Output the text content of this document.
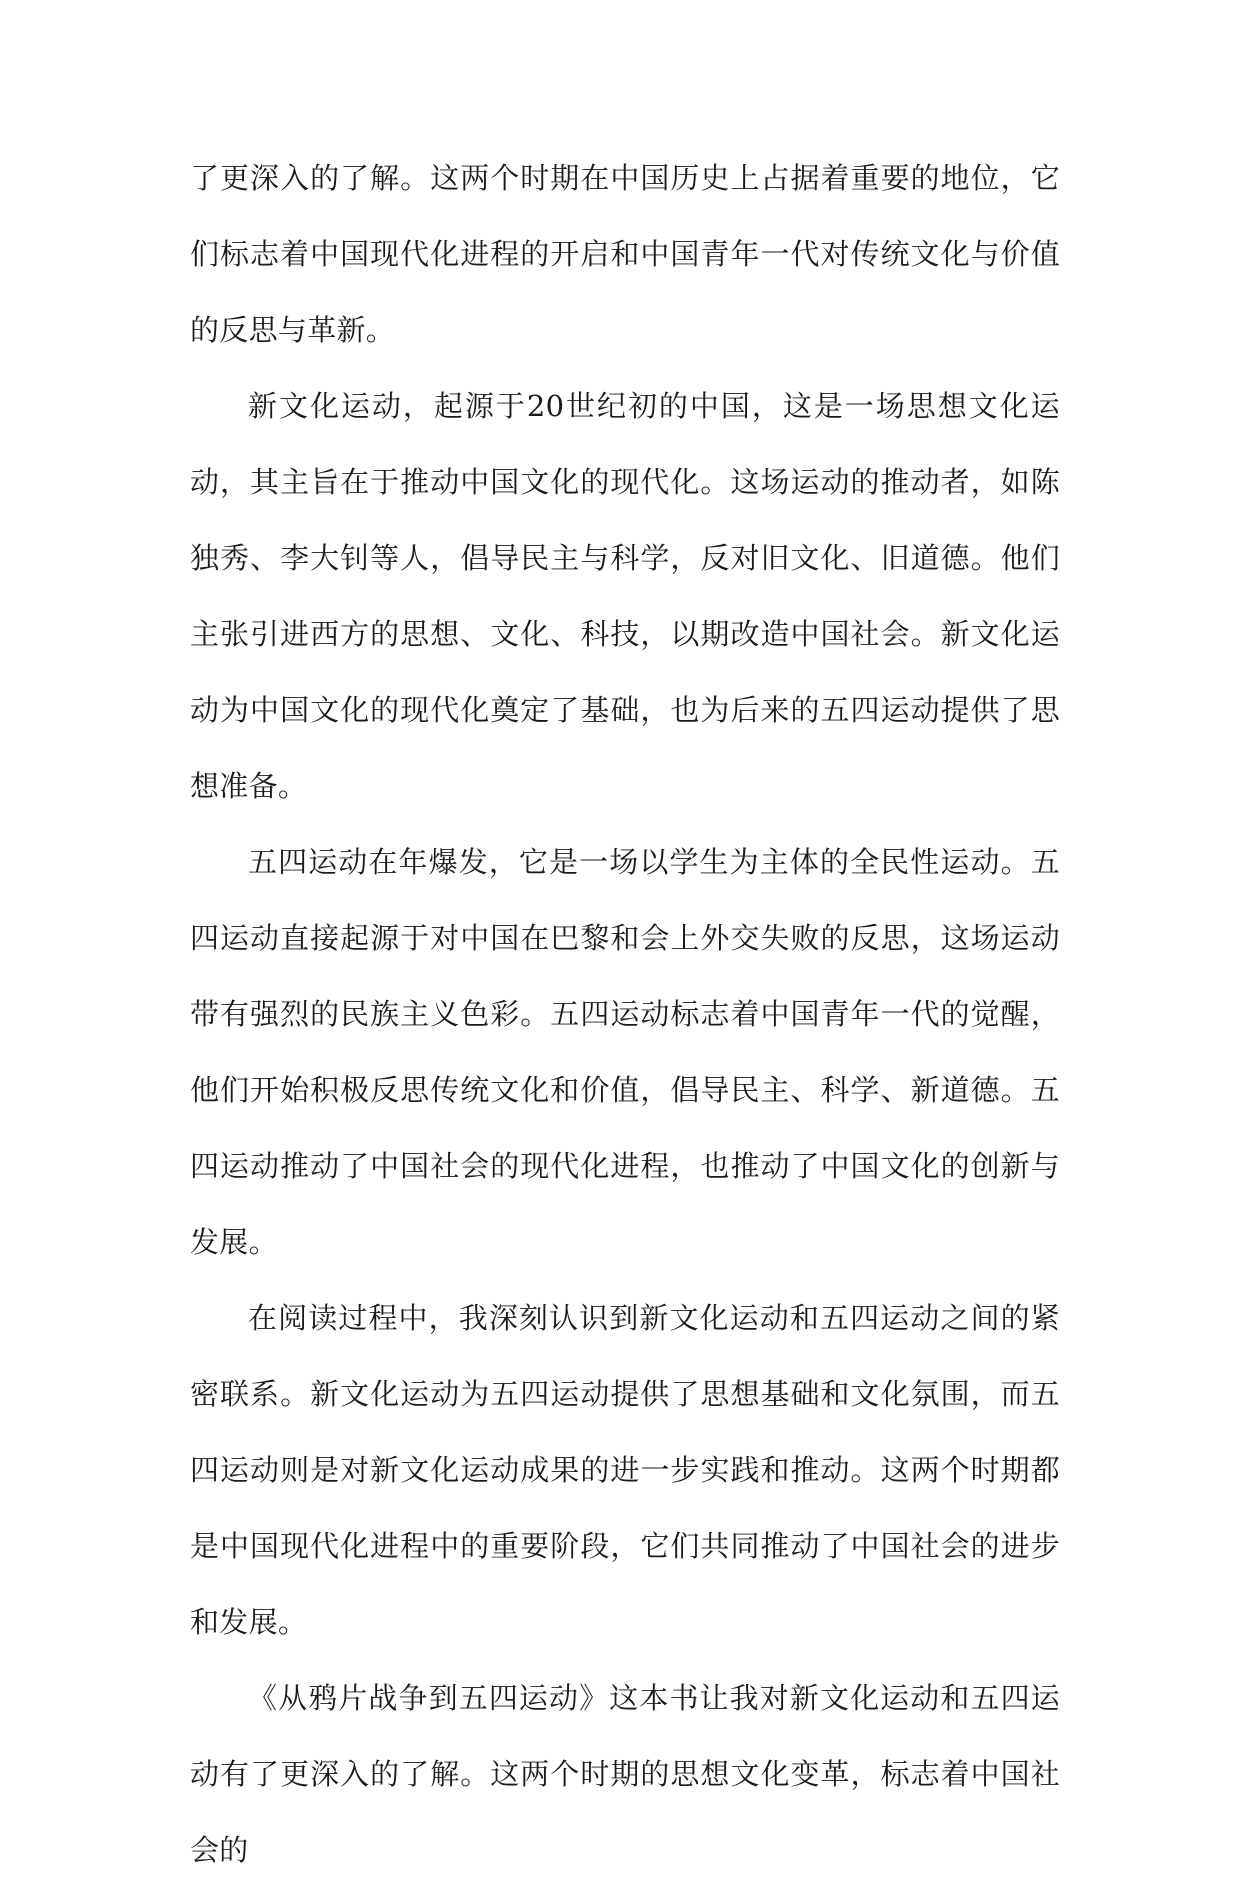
了更深入的了解。这两个时期在中国历史上占据着重要的地位，它们标志着中国现代化进程的开启和中国青年一代对传统文化与价值的反思与革新。

新文化运动，起源于20世纪初的中国，这是一场思想文化运动，其主旨在于推动中国文化的现代化。这场运动的推动者，如陈独秀、李大钊等人，倡导民主与科学，反对旧文化、旧道德。他们主张引进西方的思想、文化、科技，以期改造中国社会。新文化运动为中国文化的现代化奠定了基础，也为后来的五四运动提供了思想准备。

五四运动在年爆发，它是一场以学生为主体的全民性运动。五四运动直接起源于对中国在巴黎和会上外交失败的反思，这场运动带有强烈的民族主义色彩。五四运动标志着中国青年一代的觉醒，他们开始积极反思传统文化和价值，倡导民主、科学、新道德。五四运动推动了中国社会的现代化进程，也推动了中国文化的创新与发展。

在阅读过程中，我深刻认识到新文化运动和五四运动之间的紧密联系。新文化运动为五四运动提供了思想基础和文化氛围，而五四运动则是对新文化运动成果的进一步实践和推动。这两个时期都是中国现代化进程中的重要阶段，它们共同推动了中国社会的进步和发展。

《从鸦片战争到五四运动》这本书让我对新文化运动和五四运动有了更深入的了解。这两个时期的思想文化变革，标志着中国社会的
